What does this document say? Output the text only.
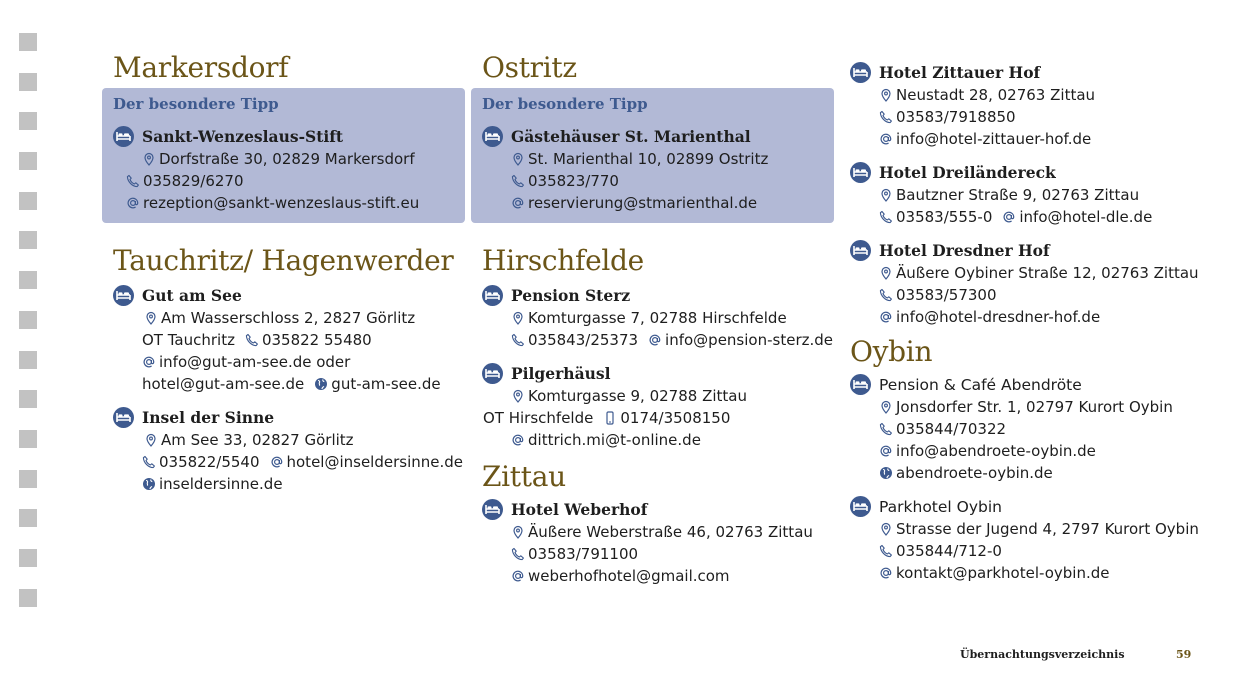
Markersdorf
Der besondere Tipp
Sankt-Wenzeslaus-Stift
Dorfstraße 30, 02829 Markersdorf
035829/6270
rezeption@sankt-wenzeslaus-stift.eu
Tauchritz/ Hagenwerder
Gut am See
Am Wasserschloss 2, 2827 Görlitz
OT Tauchritz 035822 55480
info@gut-am-see.de oder
hotel@gut-am-see.de gut-am-see.de
Insel der Sinne
Am See 33, 02827 Görlitz
035822/5540 hotel@inseldersinne.de
inseldersinne.de
Ostritz
Der besondere Tipp
Gästehäuser St. Marienthal
St. Marienthal 10, 02899 Ostritz
035823/770
reservierung@stmarienthal.de
Hirschfelde
Pension Sterz
Komturgasse 7, 02788 Hirschfelde
035843/25373 info@pension-sterz.de
Pilgerhäusl
Komturgasse 9, 02788 Zittau
OT Hirschfelde 0174/3508150
dittrich.mi@t-online.de
Zittau
Hotel Weberhof
Äußere Weberstraße 46, 02763 Zittau
03583/791100
weberhofhotel@gmail.com
Hotel Zittauer Hof
Neustadt 28, 02763 Zittau
03583/7918850
info@hotel-zittauer-hof.de
Hotel Dreiländereck
Bautzner Straße 9, 02763 Zittau
03583/555-0 info@hotel-dle.de
Hotel Dresdner Hof
Äußere Oybiner Straße 12, 02763 Zittau
03583/57300
info@hotel-dresdner-hof.de
Oybin
Pension & Café Abendröte
Jonsdorfer Str. 1, 02797 Kurort Oybin
035844/70322
info@abendroete-oybin.de
abendroete-oybin.de
Parkhotel Oybin
Strasse der Jugend 4, 2797 Kurort Oybin
035844/712-0
kontakt@parkhotel-oybin.de
Übernachtungsverzeichnis	59
